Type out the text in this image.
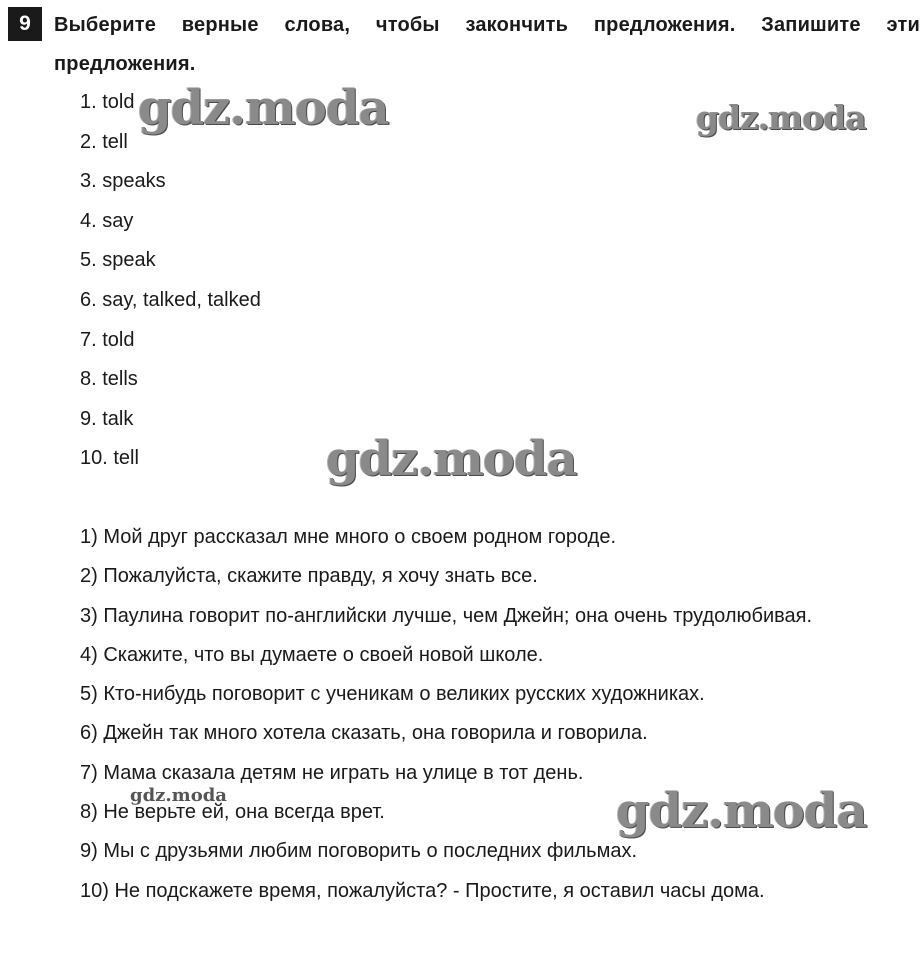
9	Выберите верные слова, чтобы закончить предложения. Запишите эти предложения.
1. told
2. tell
3. speaks
4. say
5. speak
6. say, talked, talked
7. told
8. tells
9. talk
10. tell
1) Мой друг рассказал мне много о своем родном городе.
2) Пожалуйста, скажите правду, я хочу знать все.
3) Паулина говорит по-английски лучше, чем Джейн; она очень трудолюбивая.
4) Скажите, что вы думаете о своей новой школе.
5) Кто-нибудь поговорит с ученикам о великих русских художниках.
6) Джейн так много хотела сказать, она говорила и говорила.
7) Мама сказала детям не играть на улице в тот день.
8) Не верьте ей, она всегда врет.
9) Мы с друзьями любим поговорить о последних фильмах.
10) Не подскажете время, пожалуйста? - Простите, я оставил часы дома.
gdz.moda	gdz.moda
gdz.moda
gdz.moda	gdz.moda
